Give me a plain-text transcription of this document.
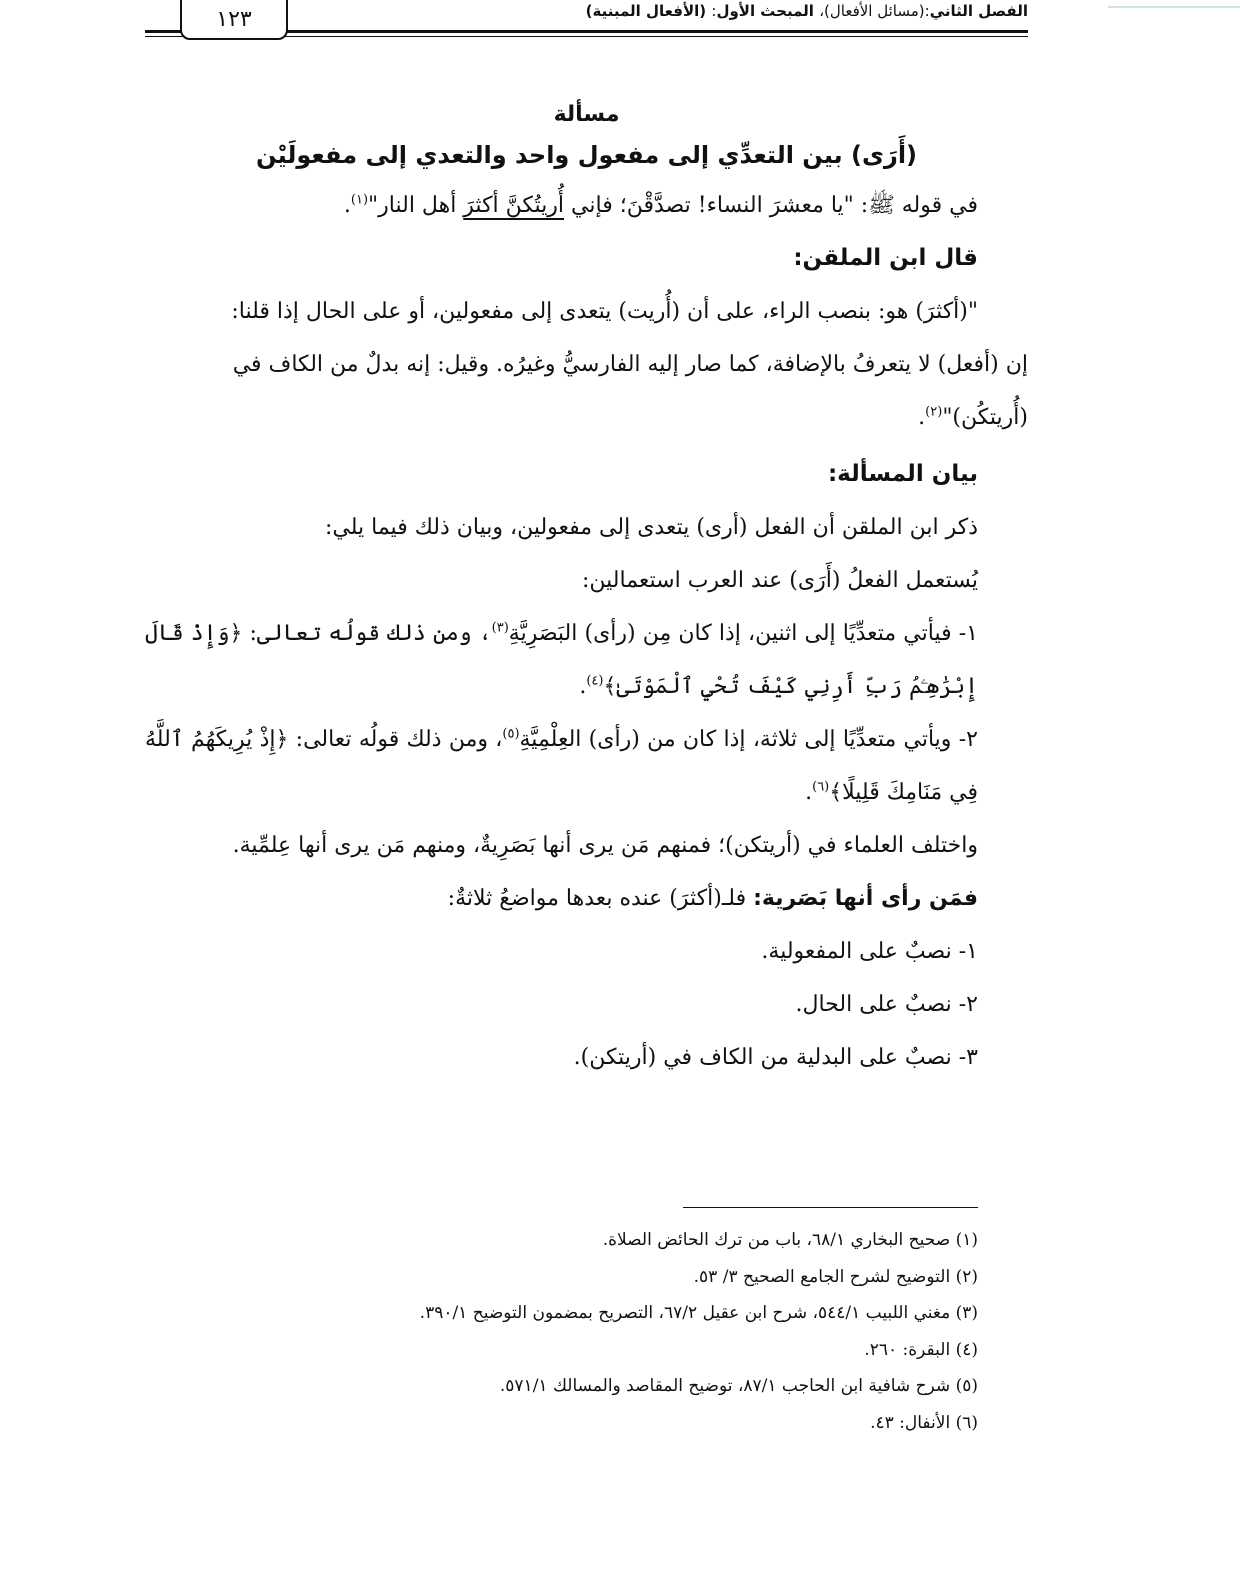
١٢٣	الفصل الثاني:(مسائل الأفعال)، المبحث الأول: (الأفعال المبنية)
مسألة
(أَرَى) بين التعدِّي إلى مفعول واحد والتعدي إلى مفعولَيْن

في قوله ﷺ: "يا معشرَ النساء! تصدَّقْنَ؛ فإني أُريتُكنَّ أكثرَ أهل النار"$^{(١)}$.

قال ابن الملقن:

"(أكثرَ) هو: بنصب الراء، على أن (أُريت) يتعدى إلى مفعولين، أو على الحال إذا قلنا:

إن (أفعل) لا يتعرفُ بالإضافة، كما صار إليه الفارسيُّ وغيرُه. وقيل: إنه بدلٌ من الكاف في

(أُريتكُن)"$^{(٢)}$.

بيان المسألة:

ذكر ابن الملقن أن الفعل (أرى) يتعدى إلى مفعولين، وبيان ذلك فيما يلي:

يُستعمل الفعلُ (أَرَى) عند العرب استعمالين:

١- فيأتي متعدِّيًا إلى اثنين، إذا كان مِن (رأى) البَصَرِيَّةِ$^{(٣)}$، ومن ذلك قولُه تعالى: ﴿وَإِذْ قَالَ إِبْرَٰهِـۧمُ رَبِّ أَرِنِي كَيْفَ تُحْيِ ٱلْمَوْتَىٰ﴾$^{(٤)}$.

٢- ويأتي متعدِّيًا إلى ثلاثة، إذا كان من (رأى) العِلْمِيَّةِ$^{(٥)}$، ومن ذلك قولُه تعالى: ﴿إِذْ يُرِيكَهُمُ ٱللَّهُ فِي مَنَامِكَ قَلِيلًا﴾$^{(٦)}$.

واختلف العلماء في (أريتكن)؛ فمنهم مَن يرى أنها بَصَرِيةٌ، ومنهم مَن يرى أنها عِلمِّية.

فمَن رأى أنها بَصَرية: فلـ(أكثرَ) عنده بعدها مواضعُ ثلاثةٌ:

١- نصبٌ على المفعولية.

٢- نصبٌ على الحال.

٣- نصبٌ على البدلية من الكاف في (أريتكن).

(١) صحيح البخاري ٦٨/١، باب من ترك الحائض الصلاة.

(٢) التوضيح لشرح الجامع الصحيح ٣/ ٥٣.

(٣) مغني اللبيب ٥٤٤/١، شرح ابن عقيل ٦٧/٢، التصريح بمضمون التوضيح ٣٩٠/١.

(٤) البقرة: ٢٦٠.

(٥) شرح شافية ابن الحاجب ٨٧/١، توضيح المقاصد والمسالك ٥٧١/١.

(٦) الأنفال: ٤٣.
